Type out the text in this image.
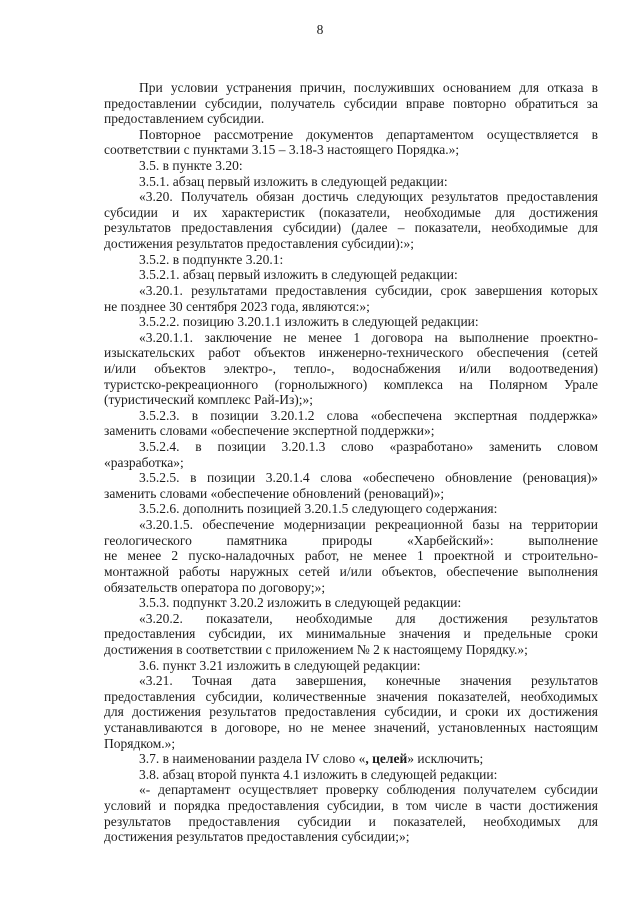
8
При условии устранения причин, послуживших основанием для отказа в
предоставлении субсидии, получатель субсидии вправе повторно обратиться за
предоставлением субсидии.
Повторное рассмотрение документов департаментом осуществляется в
соответствии с пунктами 3.15 – 3.18-3 настоящего Порядка.»;
3.5. в пункте 3.20:
3.5.1. абзац первый изложить в следующей редакции:
«3.20. Получатель обязан достичь следующих результатов предоставления
субсидии и их характеристик (показатели, необходимые для достижения
результатов предоставления субсидии) (далее – показатели, необходимые для
достижения результатов предоставления субсидии):»;
3.5.2. в подпункте 3.20.1:
3.5.2.1. абзац первый изложить в следующей редакции:
«3.20.1. результатами предоставления субсидии, срок завершения которых
не позднее 30 сентября 2023 года, являются:»;
3.5.2.2. позицию 3.20.1.1 изложить в следующей редакции:
«3.20.1.1. заключение не менее 1 договора на выполнение проектно-
изыскательских работ объектов инженерно-технического обеспечения (сетей
и/или объектов электро-, тепло-, водоснабжения и/или водоотведения)
туристско-рекреационного (горнолыжного) комплекса на Полярном Урале
(туристический комплекс Рай-Из);»;
3.5.2.3. в позиции 3.20.1.2 слова «обеспечена экспертная поддержка»
заменить словами «обеспечение экспертной поддержки»;
3.5.2.4. в позиции 3.20.1.3 слово «разработано» заменить словом
«разработка»;
3.5.2.5. в позиции 3.20.1.4 слова «обеспечено обновление (реновация)»
заменить словами «обеспечение обновлений (реноваций)»;
3.5.2.6. дополнить позицией 3.20.1.5 следующего содержания:
«3.20.1.5. обеспечение модернизации рекреационной базы на территории
геологического памятника природы «Харбейский»: выполнение
не менее 2 пуско-наладочных работ, не менее 1 проектной и строительно-
монтажной работы наружных сетей и/или объектов, обеспечение выполнения
обязательств оператора по договору;»;
3.5.3. подпункт 3.20.2 изложить в следующей редакции:
«3.20.2. показатели, необходимые для достижения результатов
предоставления субсидии, их минимальные значения и предельные сроки
достижения в соответствии с приложением № 2 к настоящему Порядку.»;
3.6. пункт 3.21 изложить в следующей редакции:
«3.21. Точная дата завершения, конечные значения результатов
предоставления субсидии, количественные значения показателей, необходимых
для достижения результатов предоставления субсидии, и сроки их достижения
устанавливаются в договоре, но не менее значений, установленных настоящим
Порядком.»;
3.7. в наименовании раздела IV слово «, целей» исключить;
3.8. абзац второй пункта 4.1 изложить в следующей редакции:
«- департамент осуществляет проверку соблюдения получателем субсидии
условий и порядка предоставления субсидии, в том числе в части достижения
результатов предоставления субсидии и показателей, необходимых для
достижения результатов предоставления субсидии;»;
